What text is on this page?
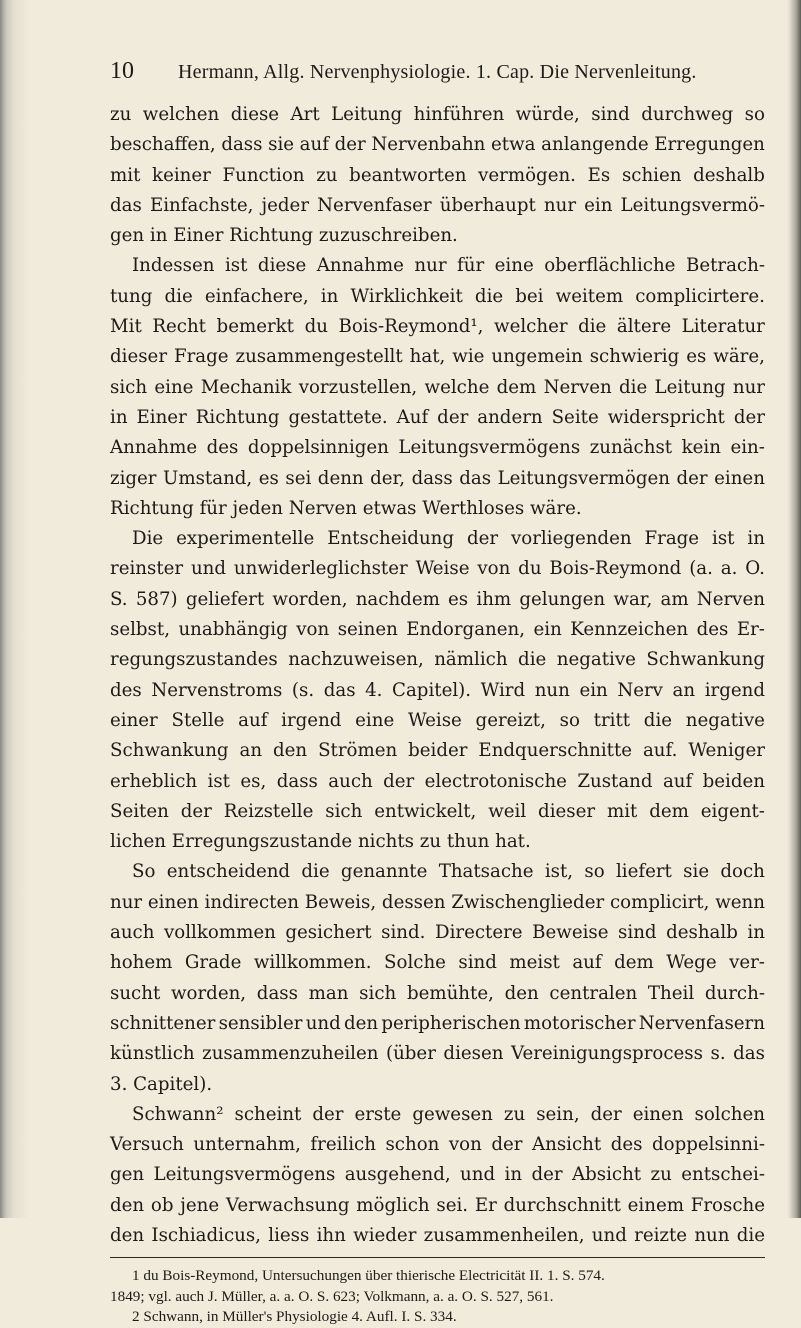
10	Hermann, Allg. Nervenphysiologie. 1. Cap. Die Nervenleitung.
zu welchen diese Art Leitung hinführen würde, sind durchweg so
beschaffen, dass sie auf der Nervenbahn etwa anlangende Erregungen
mit keiner Function zu beantworten vermögen. Es schien deshalb
das Einfachste, jeder Nervenfaser überhaupt nur ein Leitungsvermö-
gen in Einer Richtung zuzuschreiben.
Indessen ist diese Annahme nur für eine oberflächliche Betrach-
tung die einfachere, in Wirklichkeit die bei weitem complicirtere.
Mit Recht bemerkt du Bois-Reymond¹, welcher die ältere Literatur
dieser Frage zusammengestellt hat, wie ungemein schwierig es wäre,
sich eine Mechanik vorzustellen, welche dem Nerven die Leitung nur
in Einer Richtung gestattete. Auf der andern Seite widerspricht der
Annahme des doppelsinnigen Leitungsvermögens zunächst kein ein-
ziger Umstand, es sei denn der, dass das Leitungsvermögen der einen
Richtung für jeden Nerven etwas Werthloses wäre.
Die experimentelle Entscheidung der vorliegenden Frage ist in
reinster und unwiderleglichster Weise von du Bois-Reymond (a. a. O.
S. 587) geliefert worden, nachdem es ihm gelungen war, am Nerven
selbst, unabhängig von seinen Endorganen, ein Kennzeichen des Er-
regungszustandes nachzuweisen, nämlich die negative Schwankung
des Nervenstroms (s. das 4. Capitel). Wird nun ein Nerv an irgend
einer Stelle auf irgend eine Weise gereizt, so tritt die negative
Schwankung an den Strömen beider Endquerschnitte auf. Weniger
erheblich ist es, dass auch der electrotonische Zustand auf beiden
Seiten der Reizstelle sich entwickelt, weil dieser mit dem eigent-
lichen Erregungszustande nichts zu thun hat.
So entscheidend die genannte Thatsache ist, so liefert sie doch
nur einen indirecten Beweis, dessen Zwischenglieder complicirt, wenn
auch vollkommen gesichert sind. Directere Beweise sind deshalb in
hohem Grade willkommen. Solche sind meist auf dem Wege ver-
sucht worden, dass man sich bemühte, den centralen Theil durch-
schnittener sensibler und den peripherischen motorischer Nervenfasern
künstlich zusammenzuheilen (über diesen Vereinigungsprocess s. das
3. Capitel).
Schwann² scheint der erste gewesen zu sein, der einen solchen
Versuch unternahm, freilich schon von der Ansicht des doppelsinni-
gen Leitungsvermögens ausgehend, und in der Absicht zu entschei-
den ob jene Verwachsung möglich sei. Er durchschnitt einem Frosche
den Ischiadicus, liess ihn wieder zusammenheilen, und reizte nun die
1 du Bois-Reymond, Untersuchungen über thierische Electricität II. 1. S. 574.
1849; vgl. auch J. Müller, a. a. O. S. 623; Volkmann, a. a. O. S. 527, 561.
2 Schwann, in Müller's Physiologie 4. Aufl. I. S. 334.
